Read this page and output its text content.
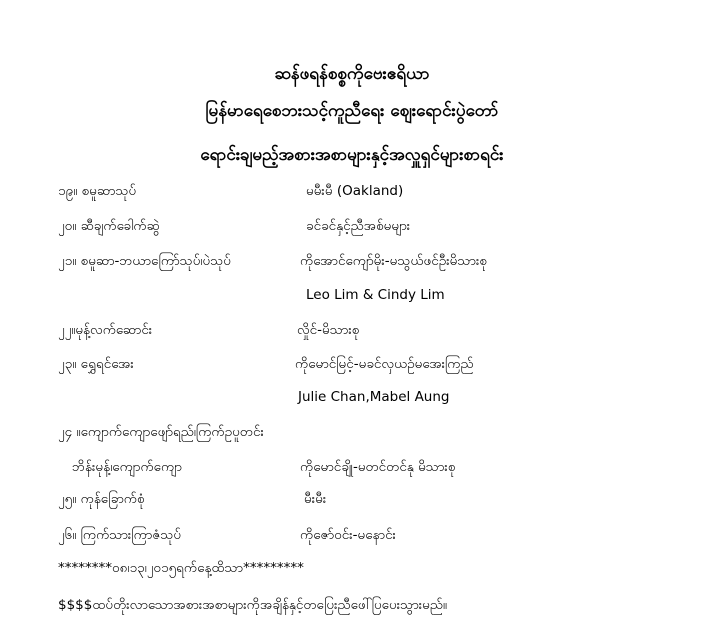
ဆန်ဖရန်စစ္စကိုဗေးဧရိယာ
မြန်မာရေစေဘးသင့်ကူညီရေး စျေးရောင်းပွဲတော်
ရောင်းချမည့်အစားအစာများနှင့်အလှူရှင်များစာရင်း
၁၉။ စမူဆာသုပ်	မမီးမီ (Oakland)
၂၀။ ဆီချက်ခေါက်ဆွဲ	ခင်ခင်နှင့်ညီအစ်မများ
၂၁။ စမူဆာ-ဘယာကြော်သုပ်၊ပဲသုပ်	ကိုအောင်ကျော်မိုး-မသွယ်ဖင်ဦးမိသားစု
Leo Lim & Cindy Lim
၂၂။မုန့်လက်ဆောင်း	လှိုင်-မိသားစု
၂၃။ ရွှေရင်အေး	ကိုမောင်မြင့်-မခင်လှယဉ်မအေးကြည်
Julie Chan,Mabel Aung
၂၄ ။ကျောက်ကျောဖျော်ရည်၊ကြက်ဥပူတင်း
ဘိန်းမုန့်၊ကျောက်ကျော	ကိုမောင်ချို-မတင်တင်နု မိသားစု
၂၅။ ကုန်ခြောက်စုံ	မီးမီး
၂၆။ ကြက်သားကြာဇံသုပ်	ကိုဇော်ဝင်း-မနောင်း
********၀၈၊၁၃၊၂၀၁၅ရက်နေ့ထိသာ*********
$$$$ထပ်တိုးလာသောအစားအစာများကိုအချိန်နှင့်တပြေးညီဖေါ်ပြပေးသွားမည်။
